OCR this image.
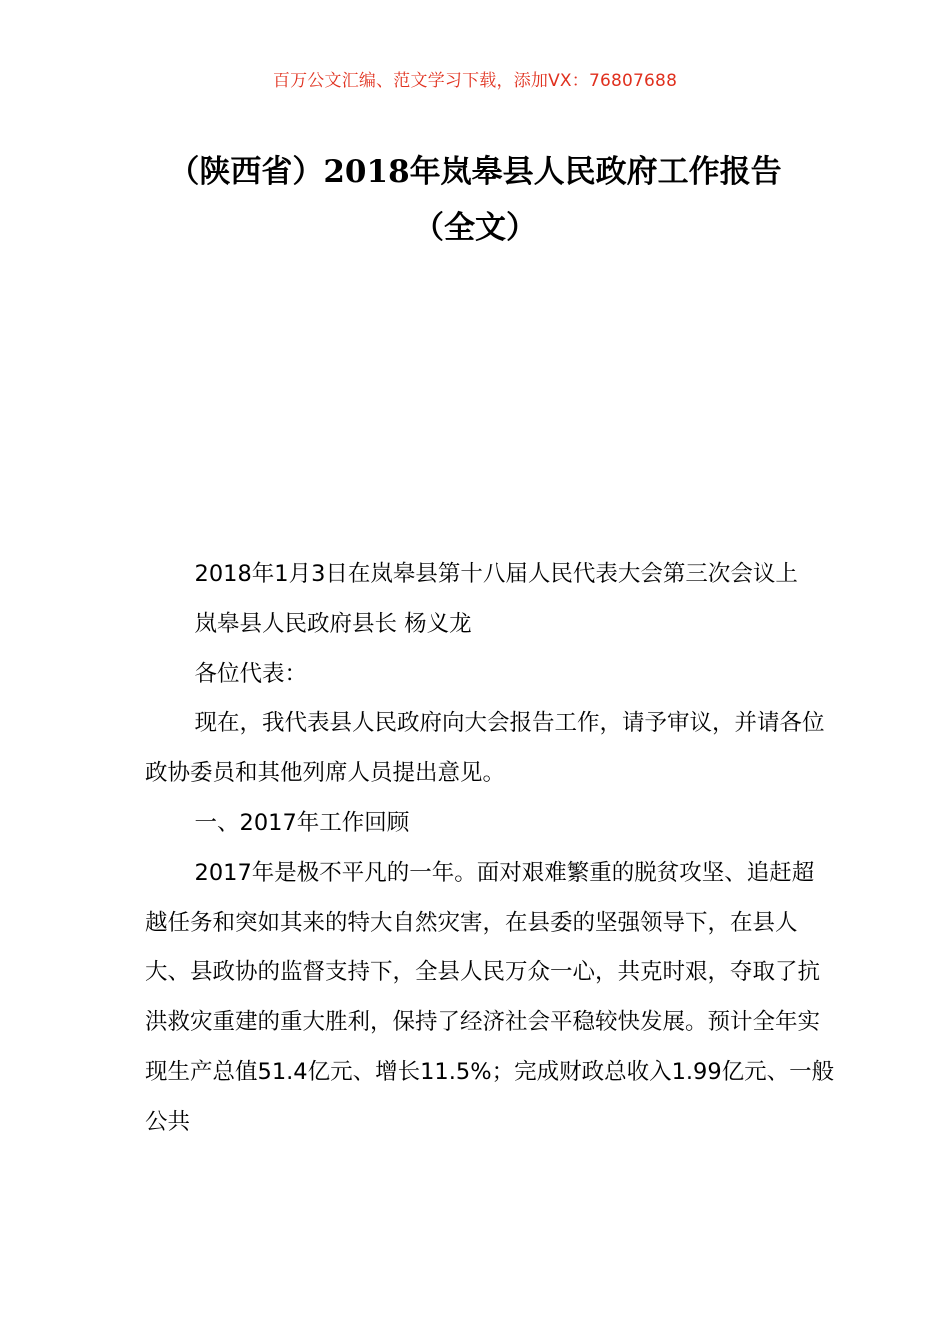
百万公文汇编、范文学习下载，添加VX：76807688
（陕西省）2018年岚皋县人民政府工作报告（全文）

2018年1月3日在岚皋县第十八届人民代表大会第三次会议上

岚皋县人民政府县长 杨义龙

各位代表：

现在，我代表县人民政府向大会报告工作，请予审议，并请各位政协委员和其他列席人员提出意见。

一、2017年工作回顾

2017年是极不平凡的一年。面对艰难繁重的脱贫攻坚、追赶超越任务和突如其来的特大自然灾害，在县委的坚强领导下，在县人大、县政协的监督支持下，全县人民万众一心，共克时艰，夺取了抗洪救灾重建的重大胜利，保持了经济社会平稳较快发展。预计全年实现生产总值51.4亿元、增长11.5%；完成财政总收入1.99亿元、一般公共
